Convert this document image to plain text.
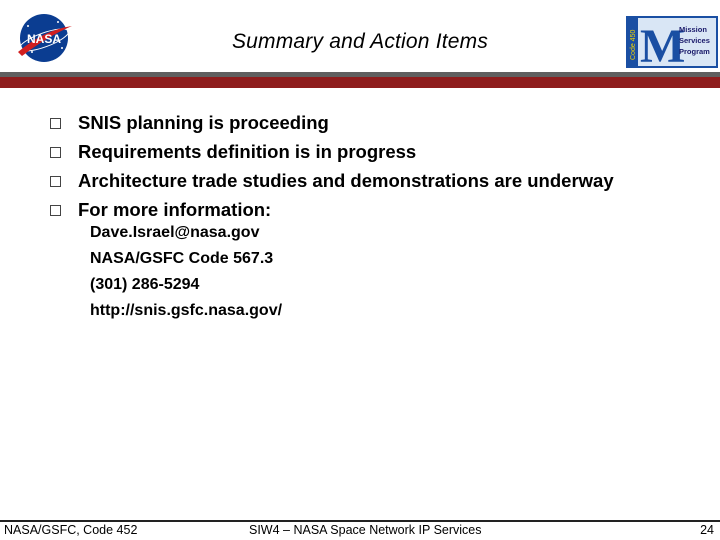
NASA	Summary and Action Items	Code 450 M
Mission
Services
Program
SNIS planning is proceeding
Requirements definition is in progress
Architecture trade studies and demonstrations are underway
For more information:
Dave.Israel@nasa.gov
NASA/GSFC Code 567.3
(301) 286-5294
http://snis.gsfc.nasa.gov/
NASA/GSFC, Code 452	SIW4 – NASA Space Network IP Services	24
